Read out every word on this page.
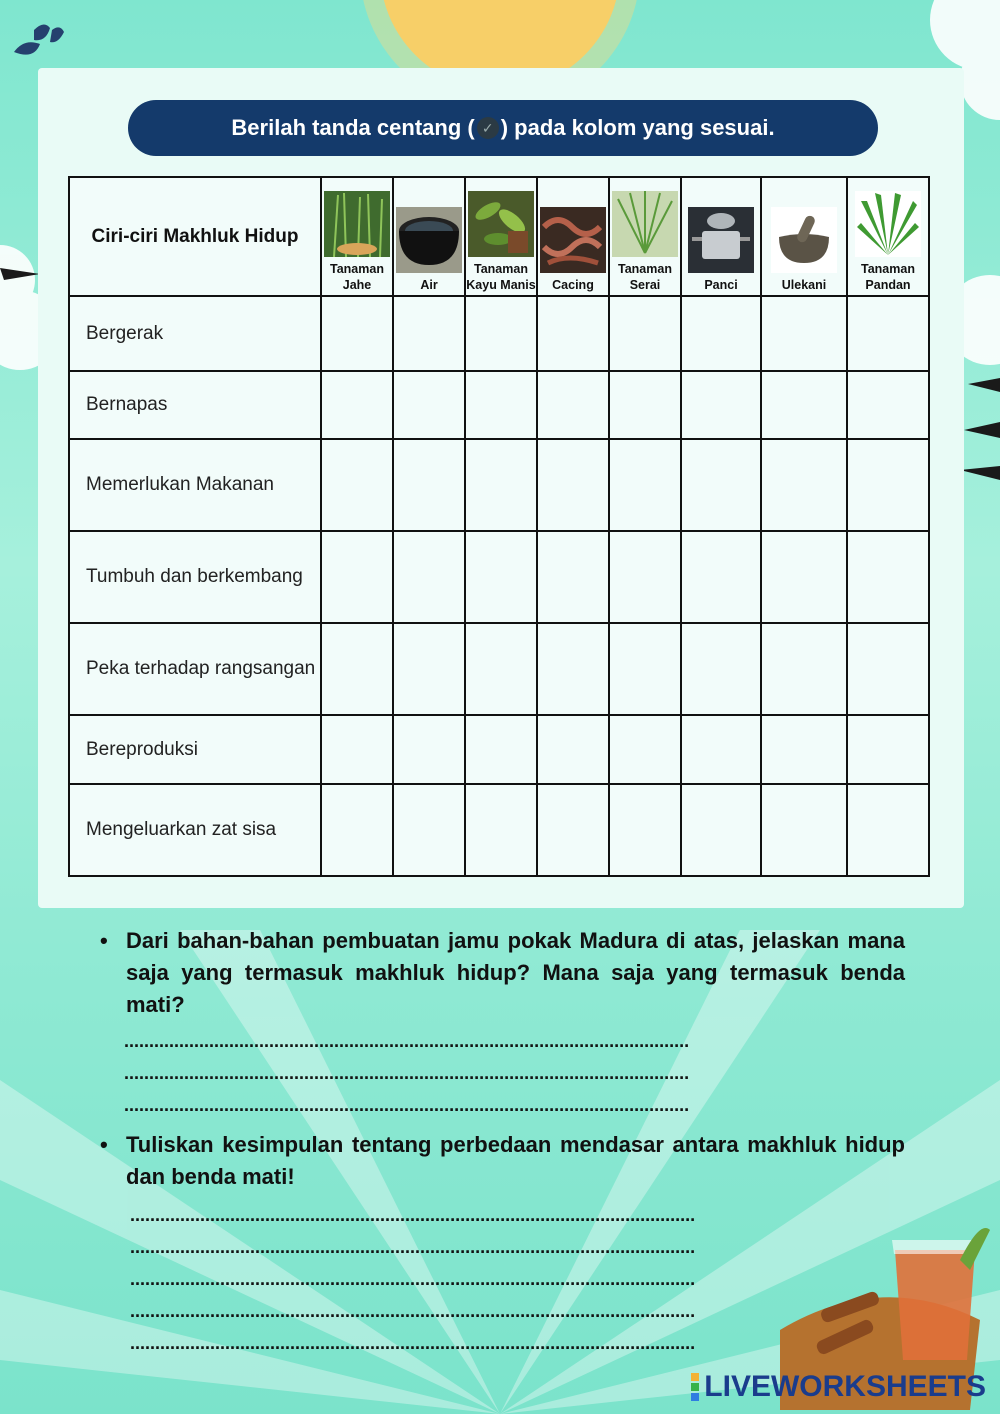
Berilah tanda centang ( ✓ ) pada kolom yang sesuai.
Ciri-ciri Makhluk Hidup	Tanaman Jahe	Air	Tanaman Kayu Manis	Cacing	Tanaman Serai	Panci	Ulekani	Tanaman Pandan
Bergerak								
Bernapas								
Memerlukan Makanan								
Tumbuh dan berkembang								
Peka terhadap rangsangan								
Bereproduksi								
Mengeluarkan zat sisa								
• Dari bahan-bahan pembuatan jamu pokak Madura di atas, jelaskan mana saja yang termasuk makhluk hidup? Mana saja yang termasuk benda mati?
.................................................................................................................
.................................................................................................................
.................................................................................................................
• Tuliskan kesimpulan tentang perbedaan mendasar antara makhluk hidup dan benda mati!
.................................................................................................................
.................................................................................................................
.................................................................................................................
.................................................................................................................
.................................................................................................................
LIVEWORKSHEETS
